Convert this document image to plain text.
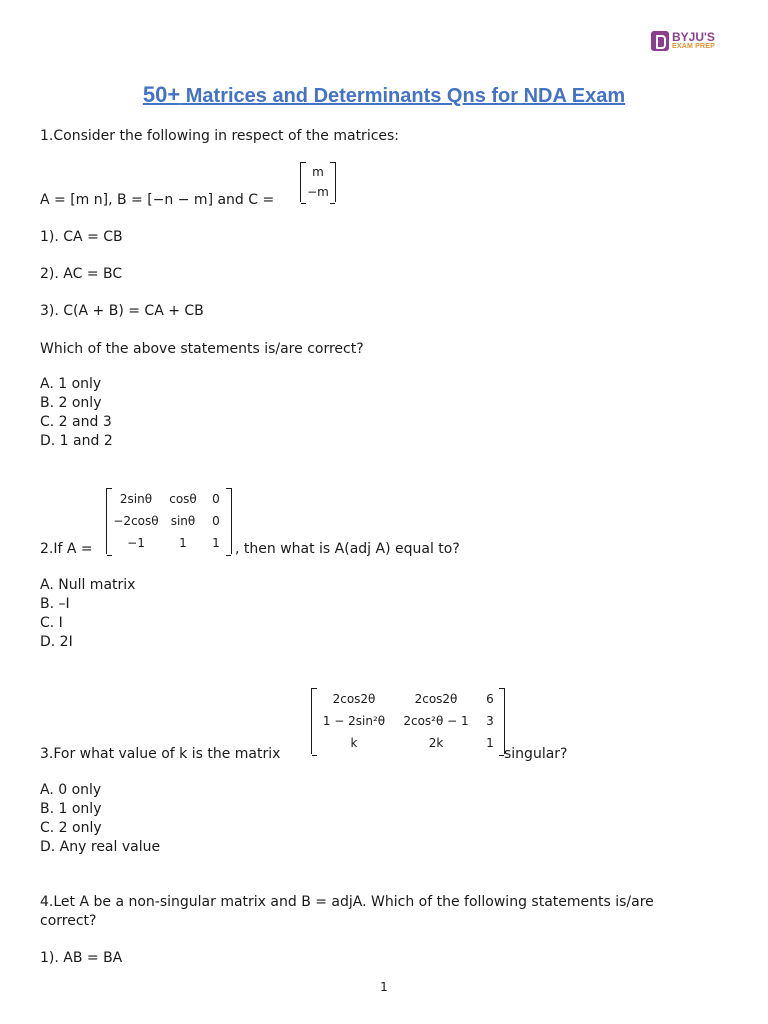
BYJU'S
EXAM PREP
50+ Matrices and Determinants Qns for NDA Exam
1.Consider the following in respect of the matrices:
A = [m n], B = [−n − m] and C =
m
−m
1). CA = CB
2). AC = BC
3). C(A + B) = CA + CB
Which of the above statements is/are correct?
A. 1 only
B. 2 only
C. 2 and 3
D. 1 and 2
2.If A =
2sinθ	cosθ	0
−2cosθ	sinθ	0
−1	1	1	, then what is A(adj A) equal to?
A. Null matrix
B. –I
C. I
D. 2I
3.For what value of k is the matrix
2cos2θ	2cos2θ	6
1 − 2sin²θ	2cos²θ − 1	3
k	2k	1
singular?
A. 0 only
B. 1 only
C. 2 only
D. Any real value
4.Let A be a non-singular matrix and B = adjA. Which of the following statements is/are
correct?
1). AB = BA
1
